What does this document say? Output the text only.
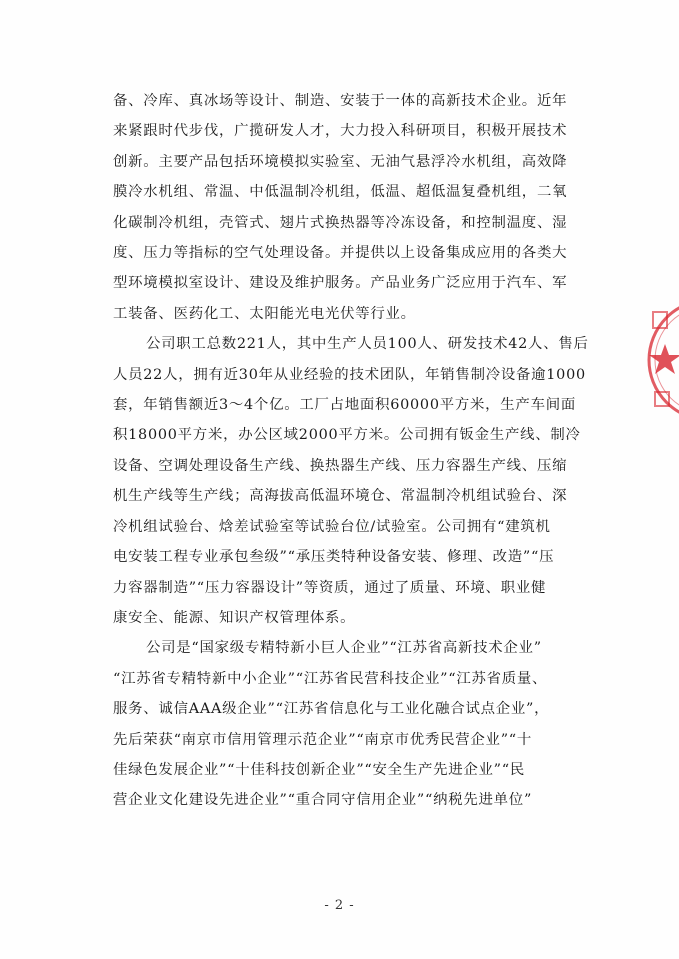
备、冷库、真冰场等设计、制造、安装于一体的高新技术企业。近年
来紧跟时代步伐，广揽研发人才，大力投入科研项目，积极开展技术
创新。主要产品包括环境模拟实验室、无油气悬浮冷水机组，高效降
膜冷水机组、常温、中低温制冷机组，低温、超低温复叠机组，二氧
化碳制冷机组，壳管式、翅片式换热器等冷冻设备，和控制温度、湿
度、压力等指标的空气处理设备。并提供以上设备集成应用的各类大
型环境模拟室设计、建设及维护服务。产品业务广泛应用于汽车、军
工装备、医药化工、太阳能光电光伏等行业。

公司职工总数221人，其中生产人员100人、研发技术42人、售后
人员22人，拥有近30年从业经验的技术团队，年销售制冷设备逾1000
套，年销售额近3～4个亿。工厂占地面积60000平方米，生产车间面
积18000平方米，办公区域2000平方米。公司拥有钣金生产线、制冷
设备、空调处理设备生产线、换热器生产线、压力容器生产线、压缩
机生产线等生产线；高海拔高低温环境仓、常温制冷机组试验台、深
冷机组试验台、焓差试验室等试验台位/试验室。公司拥有“建筑机
电安装工程专业承包叁级”“承压类特种设备安装、修理、改造”“压
力容器制造”“压力容器设计”等资质，通过了质量、环境、职业健
康安全、能源、知识产权管理体系。

公司是“国家级专精特新小巨人企业”“江苏省高新技术企业”
“江苏省专精特新中小企业”“江苏省民营科技企业”“江苏省质量、
服务、诚信AAA级企业”“江苏省信息化与工业化融合试点企业”，
先后荣获“南京市信用管理示范企业”“南京市优秀民营企业”“十
佳绿色发展企业”“十佳科技创新企业”“安全生产先进企业”“民
营企业文化建设先进企业”“重合同守信用企业”“纳税先进单位”

- 2 -
